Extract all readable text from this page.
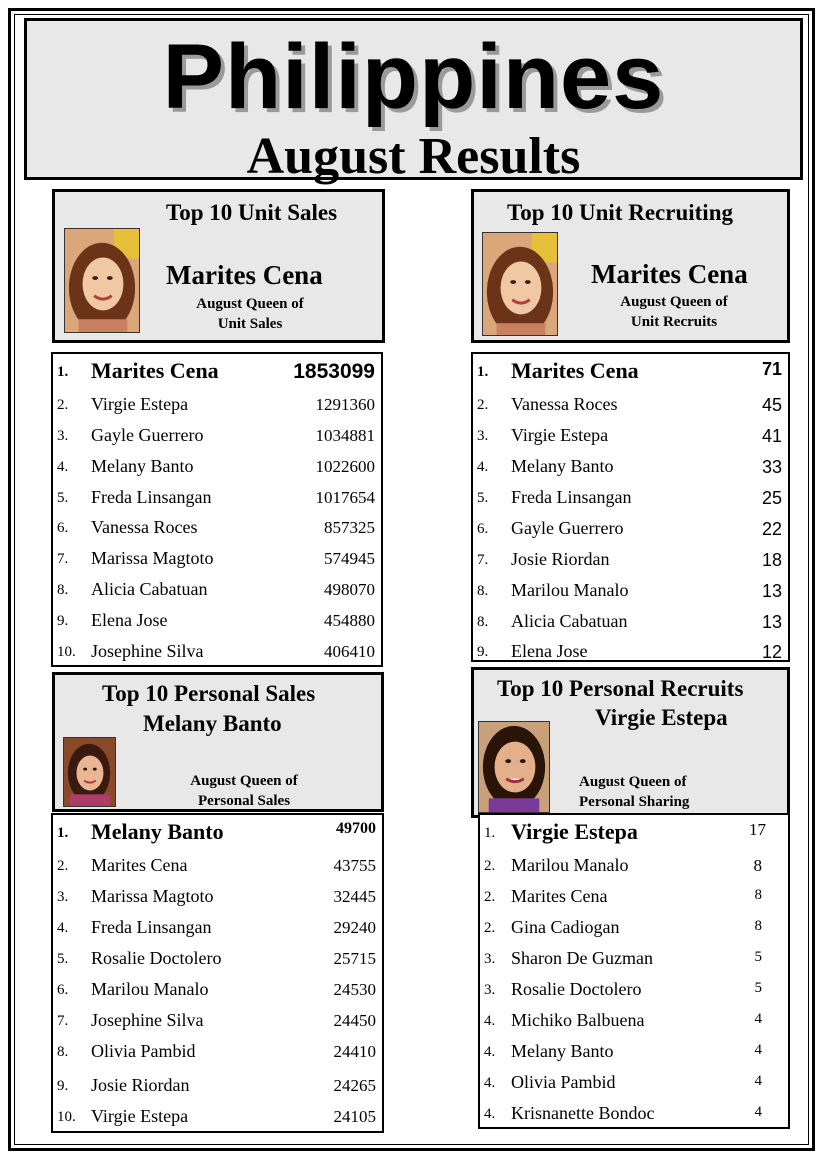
Philippines
August Results
Top 10 Unit Sales
Marites Cena
August Queen of
Unit Sales
Top 10 Unit Recruiting
Marites Cena
August Queen of
Unit Recruits
1. Marites Cena	1853099
2. Virgie Estepa	1291360
3. Gayle Guerrero	1034881
4. Melany Banto	1022600
5. Freda Linsangan	1017654
6. Vanessa Roces	857325
7. Marissa Magtoto	574945
8. Alicia Cabatuan	498070
9. Elena Jose	454880
10. Josephine Silva	406410
1. Marites Cena	71
2. Vanessa Roces	45
3. Virgie Estepa	41
4. Melany Banto	33
5. Freda Linsangan	25
6. Gayle Guerrero	22
7. Josie Riordan	18
8. Marilou Manalo	13
8. Alicia Cabatuan	13
9. Elena Jose	12
Top 10 Personal Sales
Melany Banto
August Queen of
Personal Sales
Top 10 Personal Recruits
Virgie Estepa
August Queen of
Personal Sharing
1. Melany Banto	49700
2. Marites Cena	43755
3. Marissa Magtoto	32445
4. Freda Linsangan	29240
5. Rosalie Doctolero	25715
6. Marilou Manalo	24530
7. Josephine Silva	24450
8. Olivia Pambid	24410
9. Josie Riordan	24265
10. Virgie Estepa	24105
1. Virgie Estepa	17
2. Marilou Manalo	8
2. Marites Cena	8
2. Gina Cadiogan	8
3. Sharon De Guzman	5
3. Rosalie Doctolero	5
4. Michiko Balbuena	4
4. Melany Banto	4
4. Olivia Pambid	4
4. Krisnanette Bondoc	4
